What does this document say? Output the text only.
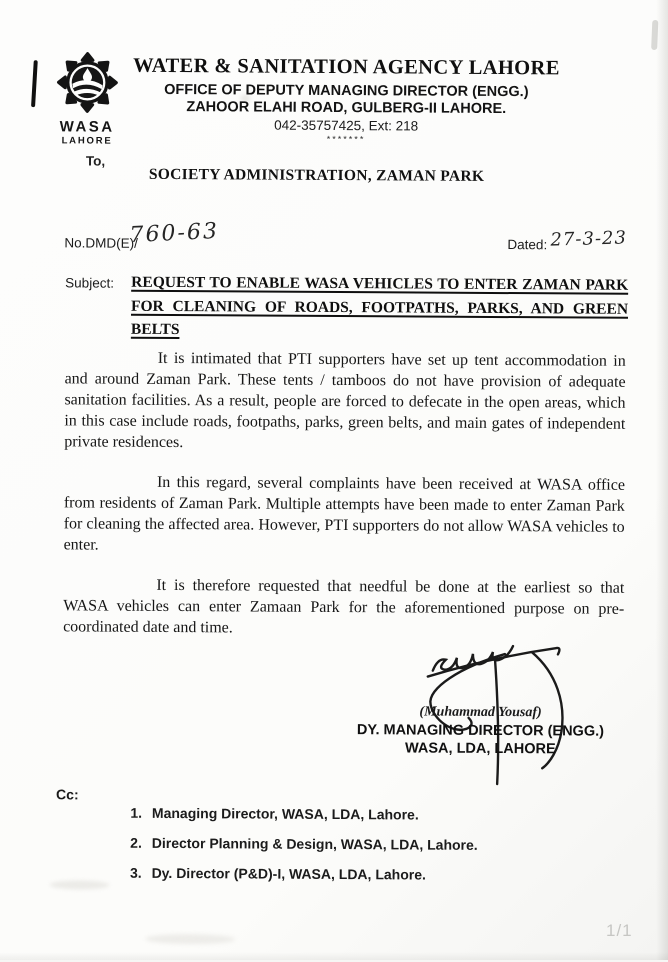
WASA
LAHORE
WATER & SANITATION AGENCY LAHORE
OFFICE OF DEPUTY MANAGING DIRECTOR (ENGG.)
ZAHOOR ELAHI ROAD, GULBERG-II LAHORE.
042-35757425, Ext: 218
*******
To,
SOCIETY ADMINISTRATION, ZAMAN PARK
No.DMD(E)/
760-63	Dated: 27-3-23
Subject: REQUEST TO ENABLE WASA VEHICLES TO ENTER ZAMAN PARK FOR CLEANING OF ROADS, FOOTPATHS, PARKS, AND GREEN BELTS

It is intimated that PTI supporters have set up tent accommodation in and around Zaman Park. These tents / tamboos do not have provision of adequate sanitation facilities. As a result, people are forced to defecate in the open areas, which in this case include roads, footpaths, parks, green belts, and main gates of independent private residences.

In this regard, several complaints have been received at WASA office from residents of Zaman Park. Multiple attempts have been made to enter Zaman Park for cleaning the affected area. However, PTI supporters do not allow WASA vehicles to enter.

It is therefore requested that needful be done at the earliest so that WASA vehicles can enter Zamaan Park for the aforementioned purpose on pre-coordinated date and time.

(Muhammad Yousaf)
DY. MANAGING DIRECTOR (ENGG.)
WASA, LDA, LAHORE
Cc:
1. Managing Director, WASA, LDA, Lahore.
2. Director Planning & Design, WASA, LDA, Lahore.
3. Dy. Director (P&D)-I, WASA, LDA, Lahore.
1/1
